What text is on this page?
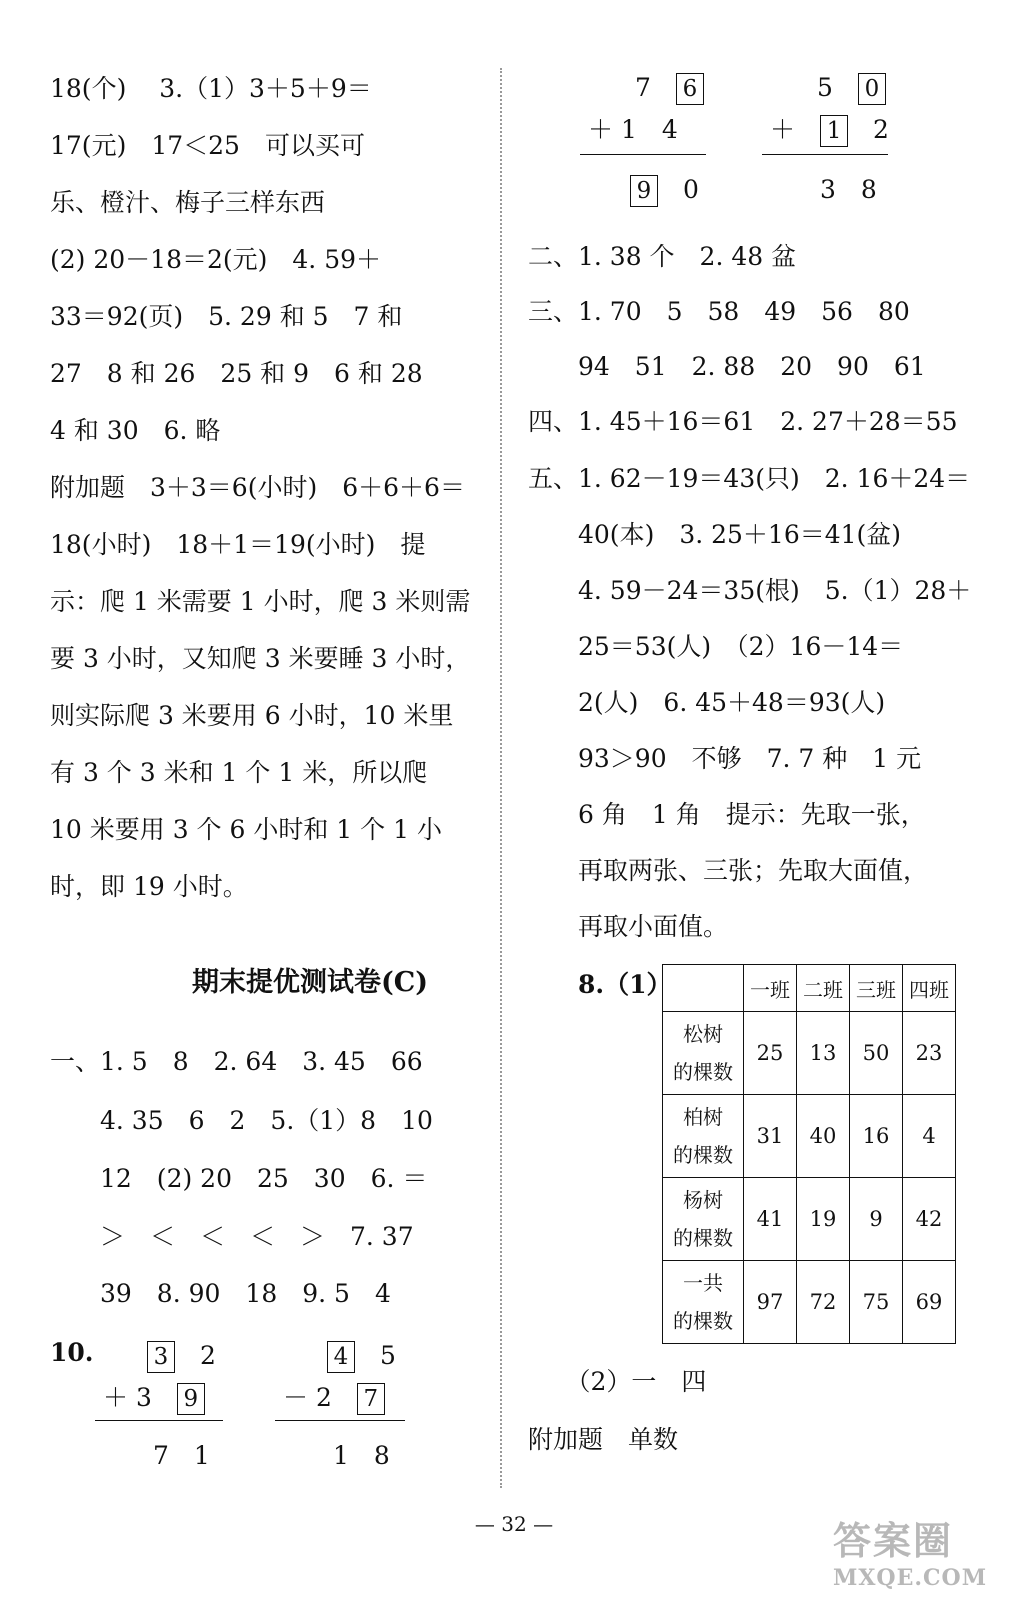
18(个)　 3.（1）3＋5＋9＝
17(元)　17＜25　可以买可
乐、橙汁、梅子三样东西
(2) 20－18＝2(元)　4. 59＋
33＝92(页)　5. 29 和 5　7 和
27　8 和 26　25 和 9　6 和 28
4 和 30　6. 略
附加题　3＋3＝6(小时)　6＋6＋6＝
18(小时)　18＋1＝19(小时)　提
示：爬 1 米需要 1 小时，爬 3 米则需
要 3 小时，又知爬 3 米要睡 3 小时，
则实际爬 3 米要用 6 小时，10 米里
有 3 个 3 米和 1 个 1 米，所以爬
10 米要用 3 个 6 小时和 1 个 1 小
时，即 19 小时。
期末提优测试卷(C)
一、1. 5　8　2. 64　3. 45　66
　　4. 35　6　2　5.（1）8　10
　　12　(2) 20　25　30　6. ＝
　　＞　＜　＜　＜　＞　7. 37
　　39　8. 90　18　9. 5　4
10.	3　 2
＋ 3　 9
7　1
4　 5
－ 2　 7
1　8
7　 6
＋ 1　4
9　 0
5　 0
＋　 1　 2
3　8
二、1. 38 个　2. 48 盆
三、1. 70　5　58　49　56　80
　　94　51　2. 88　20　90　61
四、1. 45＋16＝61　2. 27＋28＝55
五、1. 62－19＝43(只)　2. 16＋24＝
　　40(本)　3. 25＋16＝41(盆)
　　4. 59－24＝35(根)　5.（1）28＋
　　25＝53(人)　（2）16－14＝
　　2(人)　6. 45＋48＝93(人)
　　93＞90　不够　7. 7 种　1 元
　　6 角　1 角　提示：先取一张，
　　再取两张、三张；先取大面值，
　　再取小面值。
8.（1）
　　（2）一　四
附加题　单数
	一班	二班	三班	四班

松树
的棵数	25	13	50	23

柏树
的棵数	31	40	16	4

杨树
的棵数	41	19	9	42

一共
的棵数	97	72	75	69
— 32 —	答案圈
MXQE.COM
